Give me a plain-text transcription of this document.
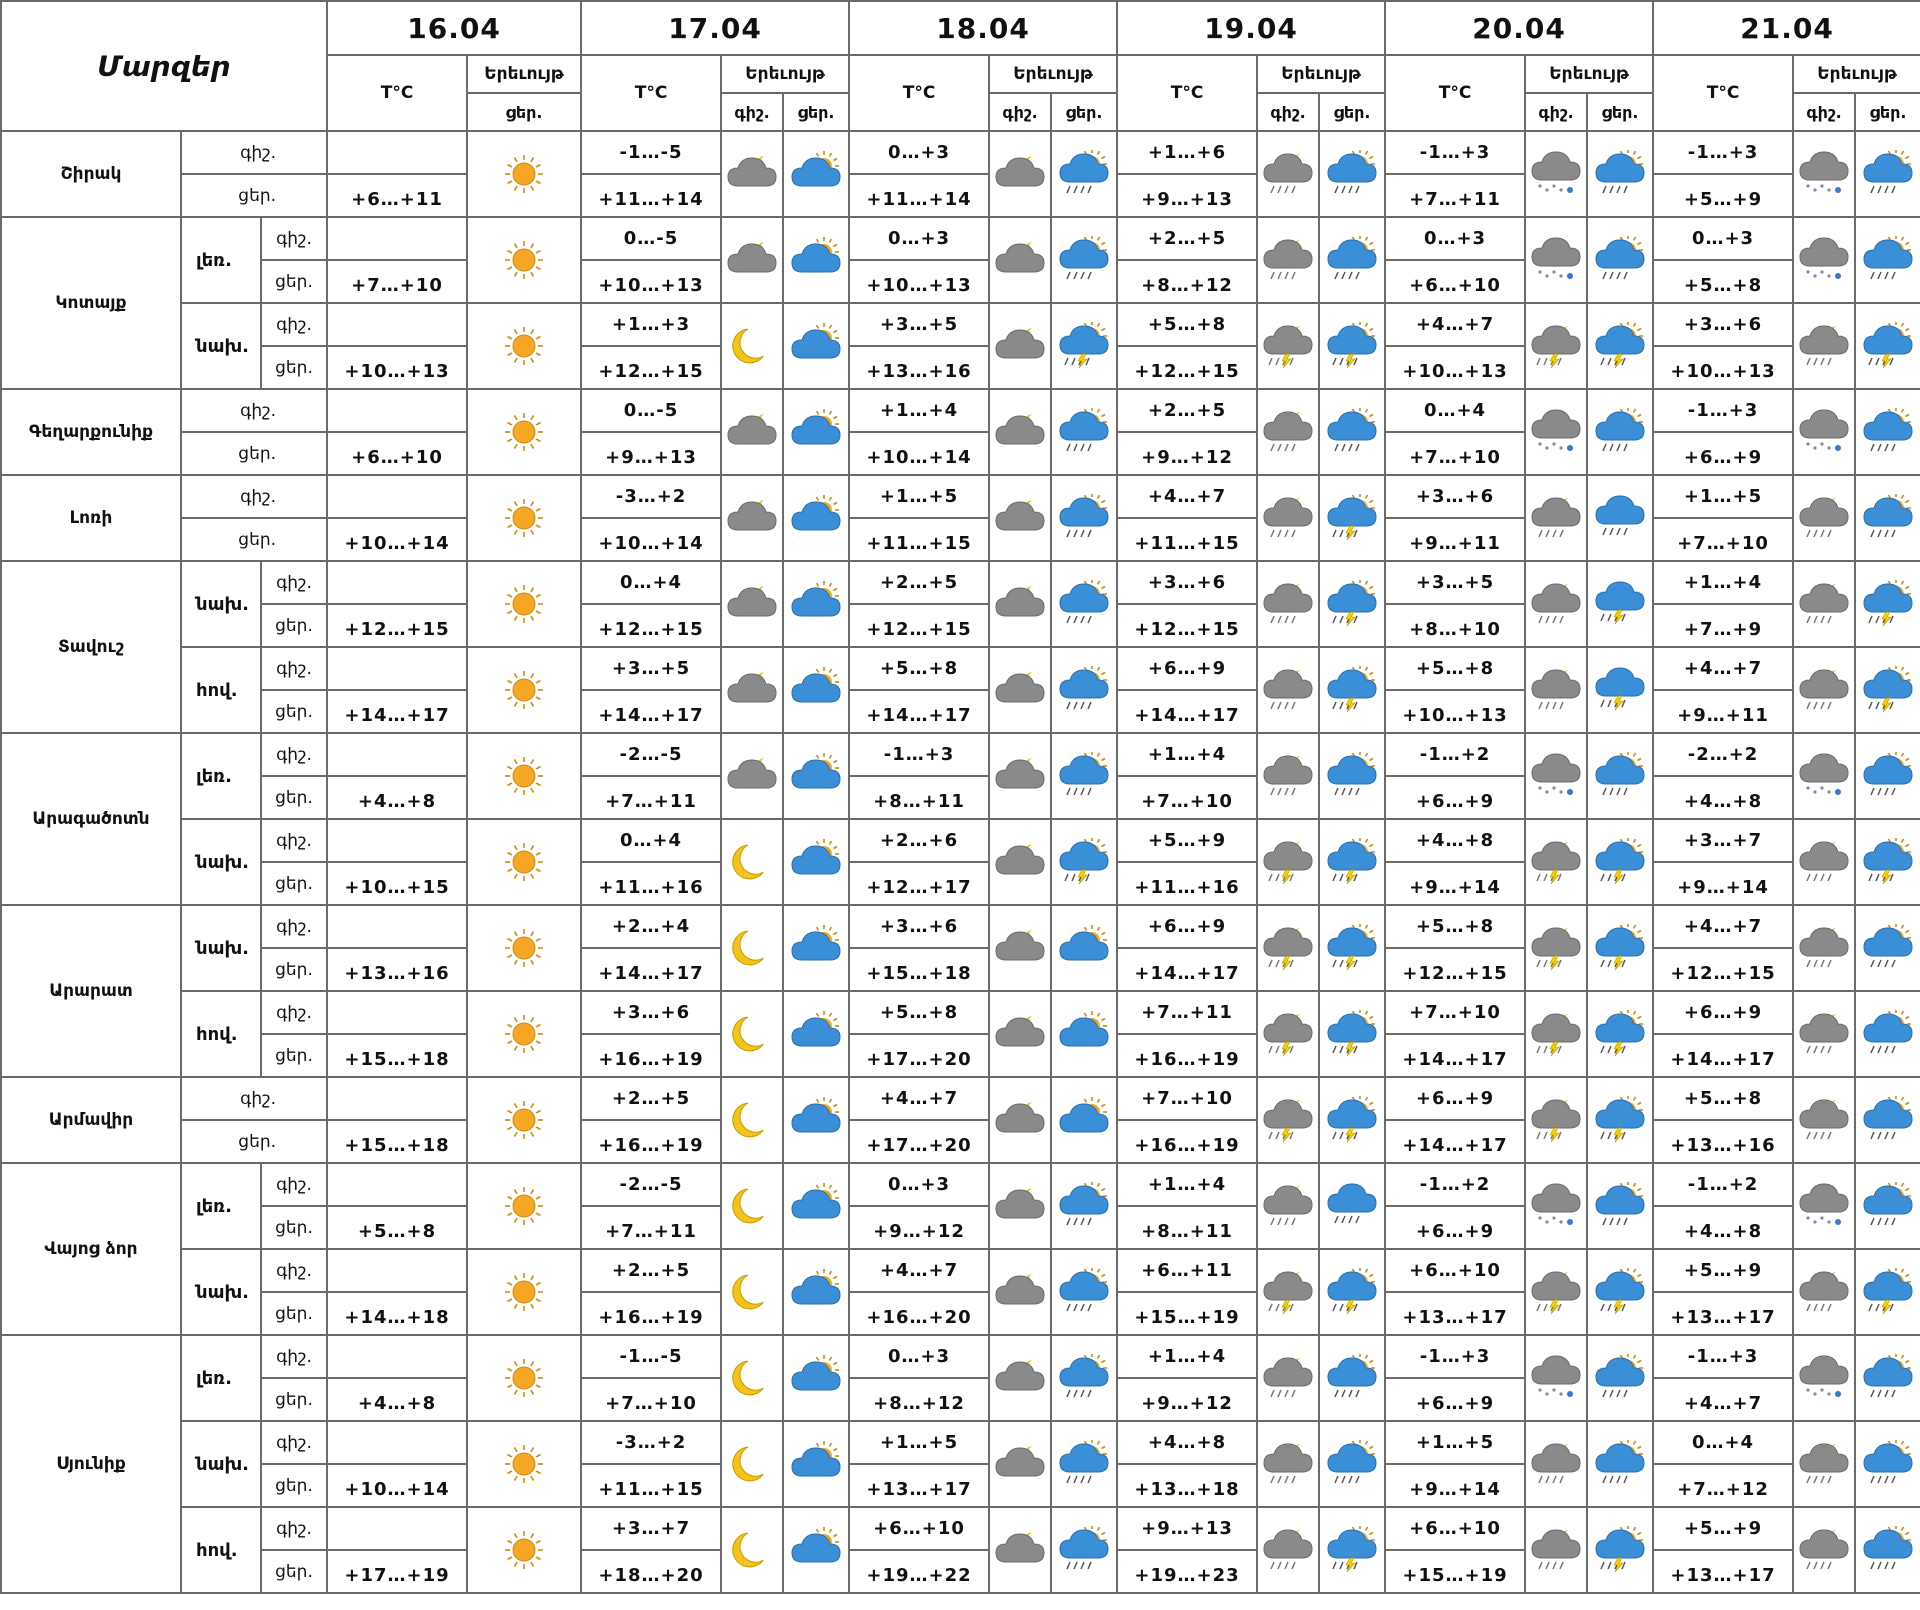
Մարզեր			16.04		17.04			18.04			19.04			20.04			21.04		
			T°C	Երեւույթ	T°C	Երեւույթ		T°C	Երեւույթ		T°C	Երեւույթ		T°C	Երեւույթ		T°C	Երեւույթ	
				ցեր.		գիշ.	ցեր.		գիշ.	ցեր.		գիշ.	ցեր.		գիշ.	ցեր.		գիշ.	ցեր.
Շիրակ	գիշ.				-1…-5			0…+3			+1…+6			-1…+3			-1…+3		
	ցեր.		+6…+11		+11…+14			+11…+14			+9…+13			+7…+11			+5…+9		
Կոտայք	լեռ.	գիշ.			0…-5			0…+3			+2…+5			0…+3			0…+3		
		ցեր.	+7…+10		+10…+13			+10…+13			+8…+12			+6…+10			+5…+8		
	նախ.	գիշ.			+1…+3			+3…+5			+5…+8			+4…+7			+3…+6		
		ցեր.	+10…+13		+12…+15			+13…+16			+12…+15			+10…+13			+10…+13		
Գեղարքունիք	գիշ.				0…-5			+1…+4			+2…+5			0…+4			-1…+3		
	ցեր.		+6…+10		+9…+13			+10…+14			+9…+12			+7…+10			+6…+9		
Լոռի	գիշ.				-3…+2			+1…+5			+4…+7			+3…+6			+1…+5		
	ցեր.		+10…+14		+10…+14			+11…+15			+11…+15			+9…+11			+7…+10		
Տավուշ	նախ.	գիշ.			0…+4			+2…+5			+3…+6			+3…+5			+1…+4		
		ցեր.	+12…+15		+12…+15			+12…+15			+12…+15			+8…+10			+7…+9		
	հով.	գիշ.			+3…+5			+5…+8			+6…+9			+5…+8			+4…+7		
		ցեր.	+14…+17		+14…+17			+14…+17			+14…+17			+10…+13			+9…+11		
Արագածոտն	լեռ.	գիշ.			-2…-5			-1…+3			+1…+4			-1…+2			-2…+2		
		ցեր.	+4…+8		+7…+11			+8…+11			+7…+10			+6…+9			+4…+8		
	նախ.	գիշ.			0…+4			+2…+6			+5…+9			+4…+8			+3…+7		
		ցեր.	+10…+15		+11…+16			+12…+17			+11…+16			+9…+14			+9…+14		
Արարատ	նախ.	գիշ.			+2…+4			+3…+6			+6…+9			+5…+8			+4…+7		
		ցեր.	+13…+16		+14…+17			+15…+18			+14…+17			+12…+15			+12…+15		
	հով.	գիշ.			+3…+6			+5…+8			+7…+11			+7…+10			+6…+9		
		ցեր.	+15…+18		+16…+19			+17…+20			+16…+19			+14…+17			+14…+17		
Արմավիր	գիշ.				+2…+5			+4…+7			+7…+10			+6…+9			+5…+8		
	ցեր.		+15…+18		+16…+19			+17…+20			+16…+19			+14…+17			+13…+16		
Վայոց ձոր	լեռ.	գիշ.			-2…-5			0…+3			+1…+4			-1…+2			-1…+2		
		ցեր.	+5…+8		+7…+11			+9…+12			+8…+11			+6…+9			+4…+8		
	նախ.	գիշ.			+2…+5			+4…+7			+6…+11			+6…+10			+5…+9		
		ցեր.	+14…+18		+16…+19			+16…+20			+15…+19			+13…+17			+13…+17		
Սյունիք	լեռ.	գիշ.			-1…-5			0…+3			+1…+4			-1…+3			-1…+3		
		ցեր.	+4…+8		+7…+10			+8…+12			+9…+12			+6…+9			+4…+7		
	նախ.	գիշ.			-3…+2			+1…+5			+4…+8			+1…+5			0…+4		
		ցեր.	+10…+14		+11…+15			+13…+17			+13…+18			+9…+14			+7…+12		
	հով.	գիշ.			+3…+7			+6…+10			+9…+13			+6…+10			+5…+9		
		ցեր.	+17…+19		+18…+20			+19…+22			+19…+23			+15…+19			+13…+17		
